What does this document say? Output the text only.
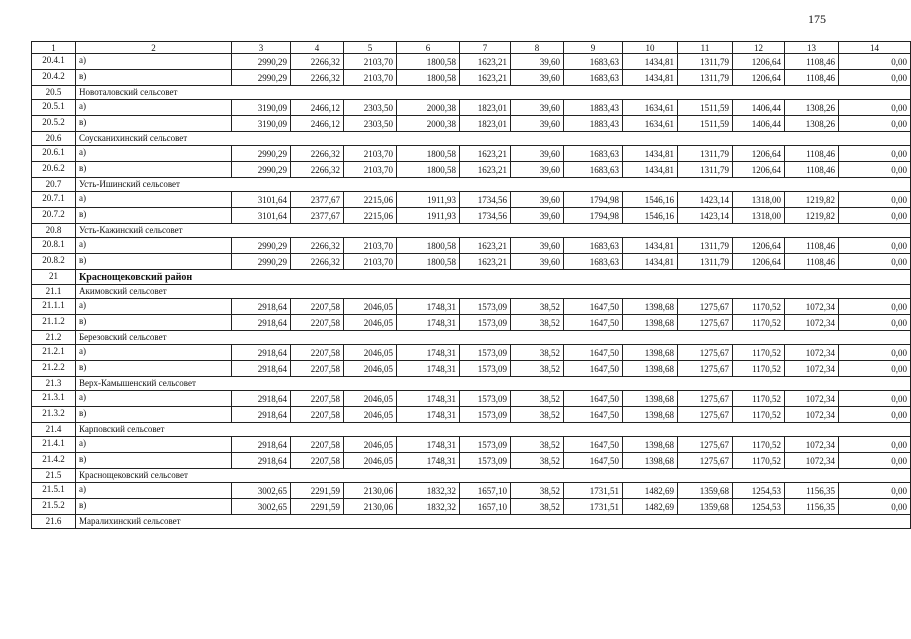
175
1	2	3	4	5	6	7	8	9	10	11	12	13	14
20.4.1	а)	2990,29	2266,32	2103,70	1800,58	1623,21	39,60	1683,63	1434,81	1311,79	1206,64	1108,46	0,00
20.4.2	в)	2990,29	2266,32	2103,70	1800,58	1623,21	39,60	1683,63	1434,81	1311,79	1206,64	1108,46	0,00
20.5	Новоталовский сельсовет												
20.5.1	а)	3190,09	2466,12	2303,50	2000,38	1823,01	39,60	1883,43	1634,61	1511,59	1406,44	1308,26	0,00
20.5.2	в)	3190,09	2466,12	2303,50	2000,38	1823,01	39,60	1883,43	1634,61	1511,59	1406,44	1308,26	0,00
20.6	Соусканихинский сельсовет												
20.6.1	а)	2990,29	2266,32	2103,70	1800,58	1623,21	39,60	1683,63	1434,81	1311,79	1206,64	1108,46	0,00
20.6.2	в)	2990,29	2266,32	2103,70	1800,58	1623,21	39,60	1683,63	1434,81	1311,79	1206,64	1108,46	0,00
20.7	Усть-Ишинский сельсовет												
20.7.1	а)	3101,64	2377,67	2215,06	1911,93	1734,56	39,60	1794,98	1546,16	1423,14	1318,00	1219,82	0,00
20.7.2	в)	3101,64	2377,67	2215,06	1911,93	1734,56	39,60	1794,98	1546,16	1423,14	1318,00	1219,82	0,00
20.8	Усть-Кажинский сельсовет												
20.8.1	а)	2990,29	2266,32	2103,70	1800,58	1623,21	39,60	1683,63	1434,81	1311,79	1206,64	1108,46	0,00
20.8.2	в)	2990,29	2266,32	2103,70	1800,58	1623,21	39,60	1683,63	1434,81	1311,79	1206,64	1108,46	0,00
21	Краснощековский район												
21.1	Акимовский сельсовет												
21.1.1	а)	2918,64	2207,58	2046,05	1748,31	1573,09	38,52	1647,50	1398,68	1275,67	1170,52	1072,34	0,00
21.1.2	в)	2918,64	2207,58	2046,05	1748,31	1573,09	38,52	1647,50	1398,68	1275,67	1170,52	1072,34	0,00
21.2	Березовский сельсовет												
21.2.1	а)	2918,64	2207,58	2046,05	1748,31	1573,09	38,52	1647,50	1398,68	1275,67	1170,52	1072,34	0,00
21.2.2	в)	2918,64	2207,58	2046,05	1748,31	1573,09	38,52	1647,50	1398,68	1275,67	1170,52	1072,34	0,00
21.3	Верх-Камышенский сельсовет												
21.3.1	а)	2918,64	2207,58	2046,05	1748,31	1573,09	38,52	1647,50	1398,68	1275,67	1170,52	1072,34	0,00
21.3.2	в)	2918,64	2207,58	2046,05	1748,31	1573,09	38,52	1647,50	1398,68	1275,67	1170,52	1072,34	0,00
21.4	Карповский сельсовет												
21.4.1	а)	2918,64	2207,58	2046,05	1748,31	1573,09	38,52	1647,50	1398,68	1275,67	1170,52	1072,34	0,00
21.4.2	в)	2918,64	2207,58	2046,05	1748,31	1573,09	38,52	1647,50	1398,68	1275,67	1170,52	1072,34	0,00
21.5	Краснощековский сельсовет												
21.5.1	а)	3002,65	2291,59	2130,06	1832,32	1657,10	38,52	1731,51	1482,69	1359,68	1254,53	1156,35	0,00
21.5.2	в)	3002,65	2291,59	2130,06	1832,32	1657,10	38,52	1731,51	1482,69	1359,68	1254,53	1156,35	0,00
21.6	Маралихинский сельсовет												
